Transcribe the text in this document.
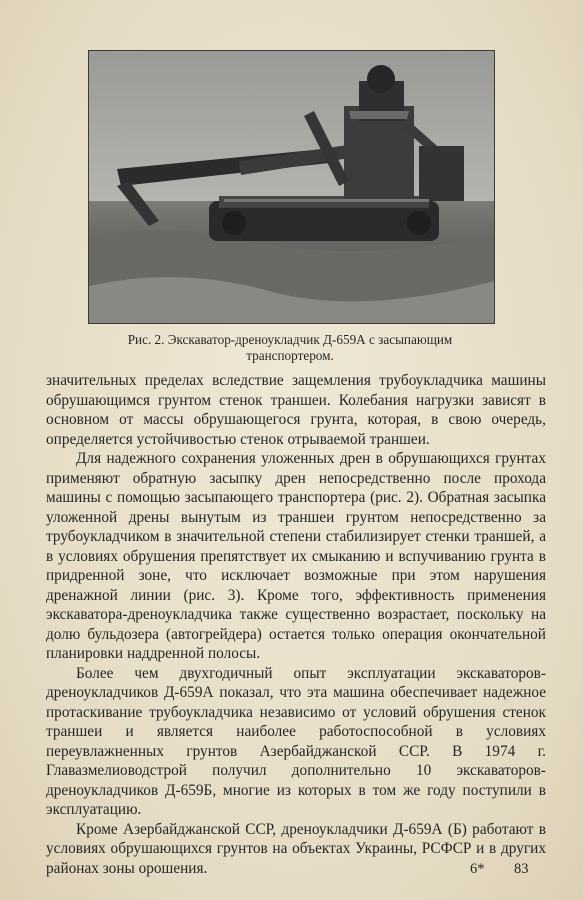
Рис. 2. Экскаватор-дреноукладчик Д-659А с засыпающим
транспортером.

значительных пределах вследствие защемления трубоукладчика машины обрушающимся грунтом стенок траншеи. Колебания нагрузки зависят в основном от массы обрушающегося грунта, которая, в свою очередь, определяется устойчивостью стенок отрываемой траншеи.

Для надежного сохранения уложенных дрен в обрушающихся грунтах применяют обратную засыпку дрен непосредственно после прохода машины с помощью засыпающего транспортера (рис. 2). Обратная засыпка уложенной дрены вынутым из траншеи грунтом непосредственно за трубоукладчиком в значительной степени стабилизирует стенки траншей, а в условиях обрушения препятствует их смыканию и вспучиванию грунта в придренной зоне, что исключает возможные при этом нарушения дренажной линии (рис. 3). Кроме того, эффективность применения экскаватора-дреноукладчика также существенно возрастает, поскольку на долю бульдозера (автогрейдера) остается только операция окончательной планировки наддренной полосы.

Более чем двухгодичный опыт эксплуатации экскаваторов-дреноукладчиков Д-659А показал, что эта машина обеспечивает надежное протаскивание трубоукладчика независимо от условий обрушения стенок траншеи и является наиболее работоспособной в условиях переувлажненных грунтов Азербайджанской ССР. В 1974 г. Главазмелиоводстрой получил дополнительно 10 экскаваторов-дреноукладчиков Д-659Б, многие из которых в том же году поступили в эксплуатацию.

Кроме Азербайджанской ССР, дреноукладчики Д-659А (Б) работают в условиях обрушающихся грунтов на объектах Украины, РСФСР и в других районах зоны орошения.	6* 83
